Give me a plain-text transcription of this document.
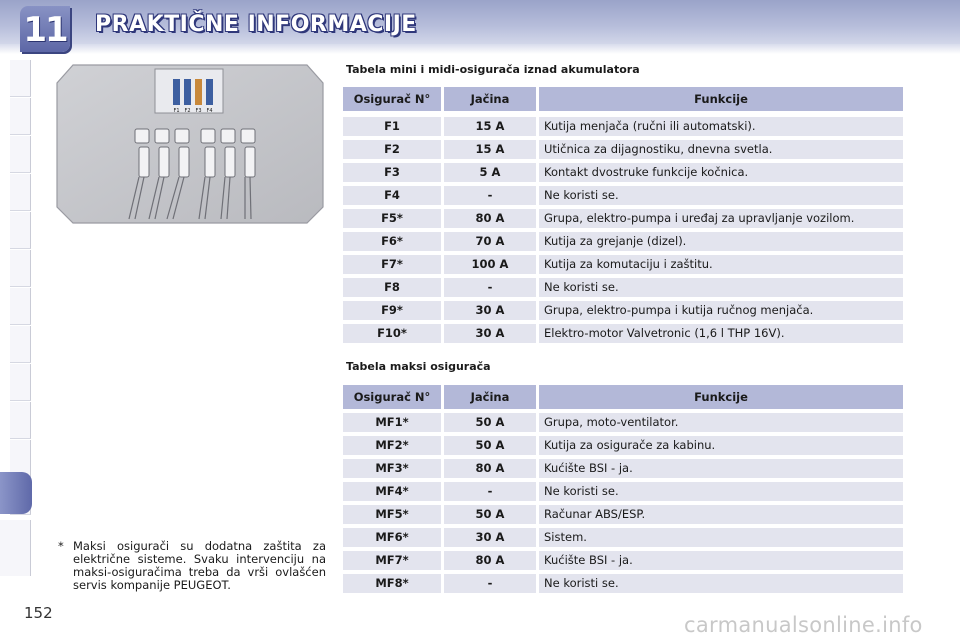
11 PRAKTIČNE INFORMACIJE
F1 F2 F3 F4
Tabela mini i midi-osigurača iznad akumulatora
Osigurač N°	Jačina	Funkcije
F1	15 A	Kutija menjača (ručni ili automatski).
F2	15 A	Utičnica za dijagnostiku, dnevna svetla.
F3	5 A	Kontakt dvostruke funkcije kočnica.
F4	-	Ne koristi se.
F5*	80 A	Grupa, elektro-pumpa i uređaj za upravljanje vozilom.
F6*	70 A	Kutija za grejanje (dizel).
F7*	100 A	Kutija za komutaciju i zaštitu.
F8	-	Ne koristi se.
F9*	30 A	Grupa, elektro-pumpa i kutija ručnog menjača.
F10*	30 A	Elektro-motor Valvetronic (1,6 l THP 16V).
Tabela maksi osigurača
Osigurač N°	Jačina	Funkcije
MF1*	50 A	Grupa, moto-ventilator.
MF2*	50 A	Kutija za osigurače za kabinu.
MF3*	80 A	Kućište BSI - ja.
MF4*	-	Ne koristi se.
MF5*	50 A	Računar ABS/ESP.
MF6*	30 A	Sistem.
MF7*	80 A	Kućište BSI - ja.
MF8*	-	Ne koristi se.
* Maksi osigurači su dodatna zaštita za električne sisteme. Svaku intervenciju na maksi-osiguračima treba da vrši ovlašćen servis kompanije PEUGEOT.
152	carmanualsonline.info
